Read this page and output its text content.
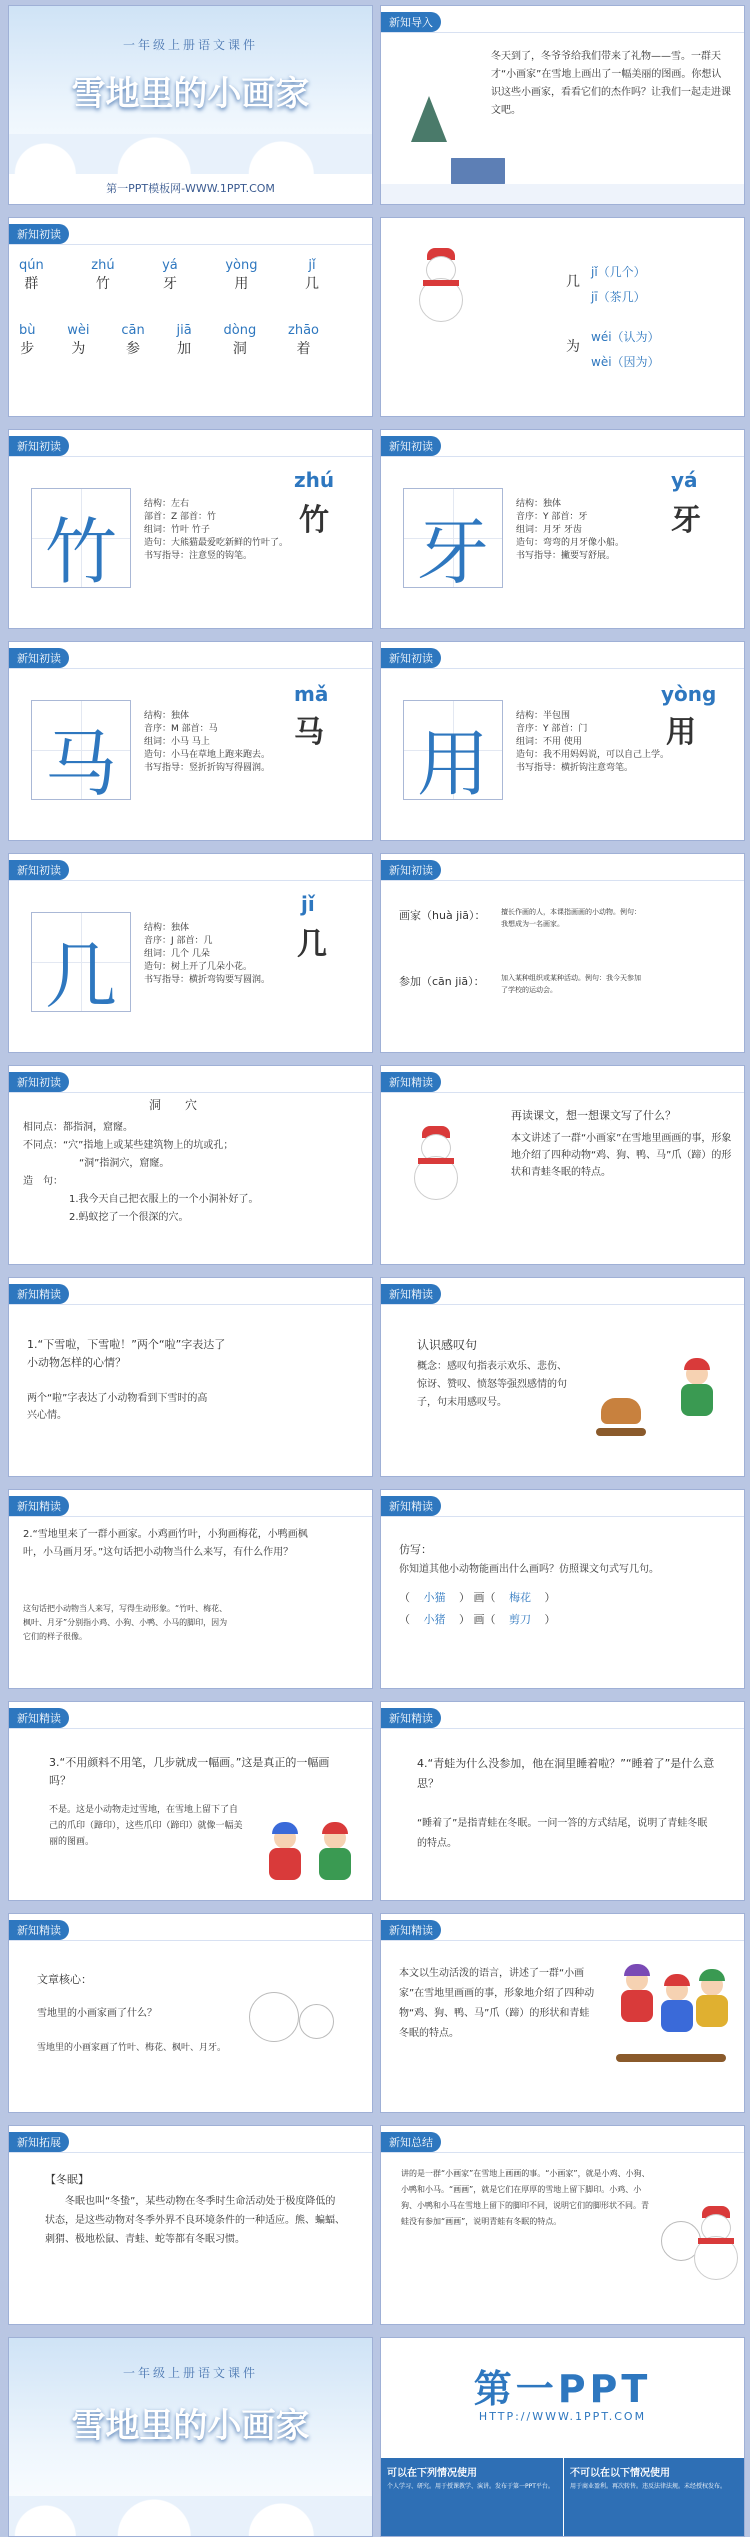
一年级上册语文课件
雪地里的小画家
第一PPT模板网-WWW.1PPT.COM
新知导入
冬天到了，冬爷爷给我们带来了礼物——雪。一群天才“小画家”在雪地上画出了一幅美丽的图画。你想认识这些小画家，看看它们的杰作吗？让我们一起走进课文吧。
新知初读
qún
群
zhú
竹
yá
牙
yòng
用
jǐ
几
bù
步
wèi
为
cān
参
jiā
加
dòng
洞
zhāo
着
几
jǐ（几个）
jī（茶几）
为
wéi（认为）
wèi（因为）
新知初读
竹
zhú
竹
结构：左右
部首：Z 部首：竹
组词：竹叶 竹子
造句：大熊猫最爱吃新鲜的竹叶了。
书写指导：注意竖的钩笔。
新知初读
牙
yá
牙
结构：独体
音序：Y 部首：牙
组词：月牙 牙齿
造句：弯弯的月牙像小船。
书写指导：撇要写舒展。
新知初读
马
mǎ
马
结构：独体
音序：M 部首：马
组词：小马 马上
造句：小马在草地上跑来跑去。
书写指导：竖折折钩写得圆润。
新知初读
用
yòng
用
结构：半包围
音序：Y 部首：门
组词：不用 使用
造句：我不用妈妈说，可以自己上学。
书写指导：横折钩注意弯笔。
新知初读
几
jǐ
几
结构：独体
音序：J 部首：几
组词：几个 几朵
造句：树上开了几朵小花。
书写指导：横折弯钩要写圆润。
新知初读
画家（huà jiā）： 擅长作画的人，本课指画画的小动物。例句：我想成为一名画家。
参加（cān jiā）： 加入某种组织或某种活动。例句：我今天参加了学校的运动会。
新知初读
洞　　穴
相同点：都指洞，窟窿。
不同点：“穴”指地上或某些建筑物上的坑或孔；
“洞”指洞穴，窟窿。
造　句：
1.我今天自己把衣服上的一个小洞补好了。
2.蚂蚁挖了一个很深的穴。
新知精读
再读课文，想一想课文写了什么？
本文讲述了一群“小画家”在雪地里画画的事，形象地介绍了四种动物“鸡、狗、鸭、马”爪（蹄）的形状和青蛙冬眠的特点。
新知精读
1.“下雪啦，下雪啦！”两个“啦”字表达了小动物怎样的心情？
两个“啦”字表达了小动物看到下雪时的高兴心情。
新知精读
认识感叹句
概念：感叹句指表示欢乐、悲伤、惊讶、赞叹、愤怒等强烈感情的句子，句末用感叹号。
新知精读
2.“雪地里来了一群小画家。小鸡画竹叶，小狗画梅花，小鸭画枫叶，小马画月牙。”这句话把小动物当什么来写，有什么作用？
这句话把小动物当人来写，写得生动形象。“竹叶、梅花、枫叶、月牙”分别指小鸡、小狗、小鸭、小马的脚印，因为它们的样子很像。
新知精读
仿写：
你知道其他小动物能画出什么画吗？仿照课文句式写几句。
（ 小猫 ） 画（ 梅花 ）
（ 小猪 ） 画（ 剪刀 ）
新知精读
3.“不用颜料不用笔，几步就成一幅画。”这是真正的一幅画吗？
不是。这是小动物走过雪地，在雪地上留下了自己的爪印（蹄印），这些爪印（蹄印）就像一幅美丽的图画。
新知精读
4.“青蛙为什么没参加，他在洞里睡着啦？”“睡着了”是什么意思？
“睡着了”是指青蛙在冬眠。一问一答的方式结尾，说明了青蛙冬眠的特点。
新知精读
文章核心：
雪地里的小画家画了什么？
雪地里的小画家画了竹叶、梅花、枫叶、月牙。
新知精读
本文以生动活泼的语言，讲述了一群“小画家”在雪地里画画的事，形象地介绍了四种动物“鸡、狗、鸭、马”爪（蹄）的形状和青蛙冬眠的特点。
新知拓展
【冬眠】
冬眠也叫“冬蛰”，某些动物在冬季时生命活动处于极度降低的状态，是这些动物对冬季外界不良环境条件的一种适应。熊、蝙蝠、刺猬、极地松鼠、青蛙、蛇等都有冬眠习惯。
新知总结
讲的是一群“小画家”在雪地上画画的事。“小画家”，就是小鸡、小狗、小鸭和小马。“画画”，就是它们在厚厚的雪地上留下脚印。小鸡、小狗、小鸭和小马在雪地上留下的脚印不同，说明它们的脚形状不同。青蛙没有参加“画画”，说明青蛙有冬眠的特点。
一年级上册语文课件
雪地里的小画家
第一PPT
HTTP://WWW.1PPT.COM
可以在下列情况使用

个人学习、研究。用于授课教学、演讲。发布于第一PPT平台。

不可以在以下情况使用

用于商业盈利。再次转售。违反法律法规。未经授权发布。
